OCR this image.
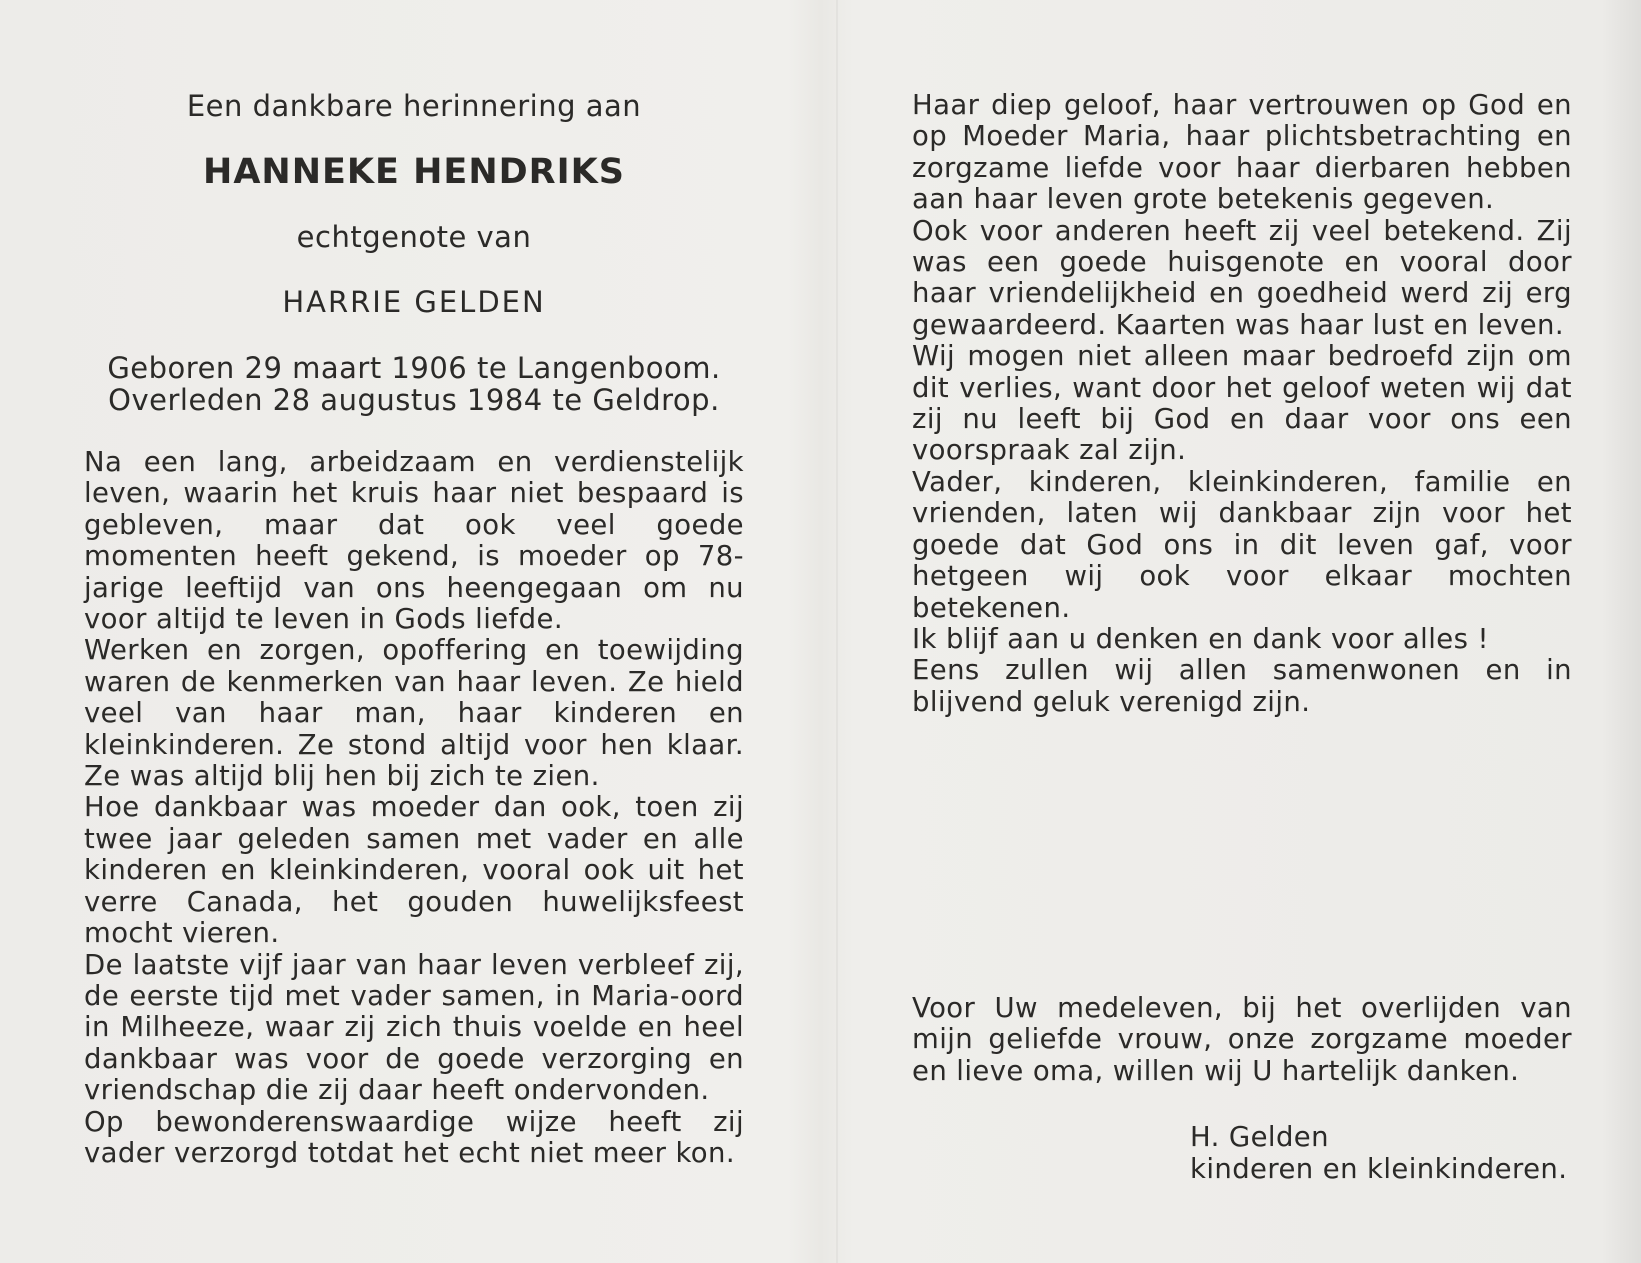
Een dankbare herinnering aan
HANNEKE HENDRIKS
echtgenote van
HARRIE GELDEN
Geboren 29 maart 1906 te Langenboom.
Overleden 28 augustus 1984 te Geldrop.

Na een lang, arbeidzaam en verdienstelijk leven, waarin het kruis haar niet bespaard is gebleven, maar dat ook veel goede momenten heeft gekend, is moeder op 78-jarige leeftijd van ons heengegaan om nu voor altijd te leven in Gods liefde.

Werken en zorgen, opoffering en toewijding waren de kenmerken van haar leven. Ze hield veel van haar man, haar kinderen en kleinkinderen. Ze stond altijd voor hen klaar. Ze was altijd blij hen bij zich te zien.

Hoe dankbaar was moeder dan ook, toen zij twee jaar geleden samen met vader en alle kinderen en kleinkinderen, vooral ook uit het verre Canada, het gouden huwelijksfeest mocht vieren.

De laatste vijf jaar van haar leven verbleef zij, de eerste tijd met vader samen, in Maria-oord in Milheeze, waar zij zich thuis voelde en heel dankbaar was voor de goede verzorging en vriendschap die zij daar heeft ondervonden.

Op bewonderenswaardige wijze heeft zij vader verzorgd totdat het echt niet meer kon.

Haar diep geloof, haar vertrouwen op God en op Moeder Maria, haar plichtsbetrachting en zorgzame liefde voor haar dierbaren hebben aan haar leven grote betekenis gegeven.

Ook voor anderen heeft zij veel betekend. Zij was een goede huisgenote en vooral door haar vriendelijkheid en goedheid werd zij erg gewaardeerd. Kaarten was haar lust en leven.

Wij mogen niet alleen maar bedroefd zijn om dit verlies, want door het geloof weten wij dat zij nu leeft bij God en daar voor ons een voorspraak zal zijn.

Vader, kinderen, kleinkinderen, familie en vrienden, laten wij dankbaar zijn voor het goede dat God ons in dit leven gaf, voor hetgeen wij ook voor elkaar mochten betekenen.

Ik blijf aan u denken en dank voor alles !

Eens zullen wij allen samenwonen en in blijvend geluk verenigd zijn.

Voor Uw medeleven, bij het overlijden van mijn geliefde vrouw, onze zorgzame moeder en lieve oma, willen wij U hartelijk danken.

H. Gelden
kinderen en kleinkinderen.
